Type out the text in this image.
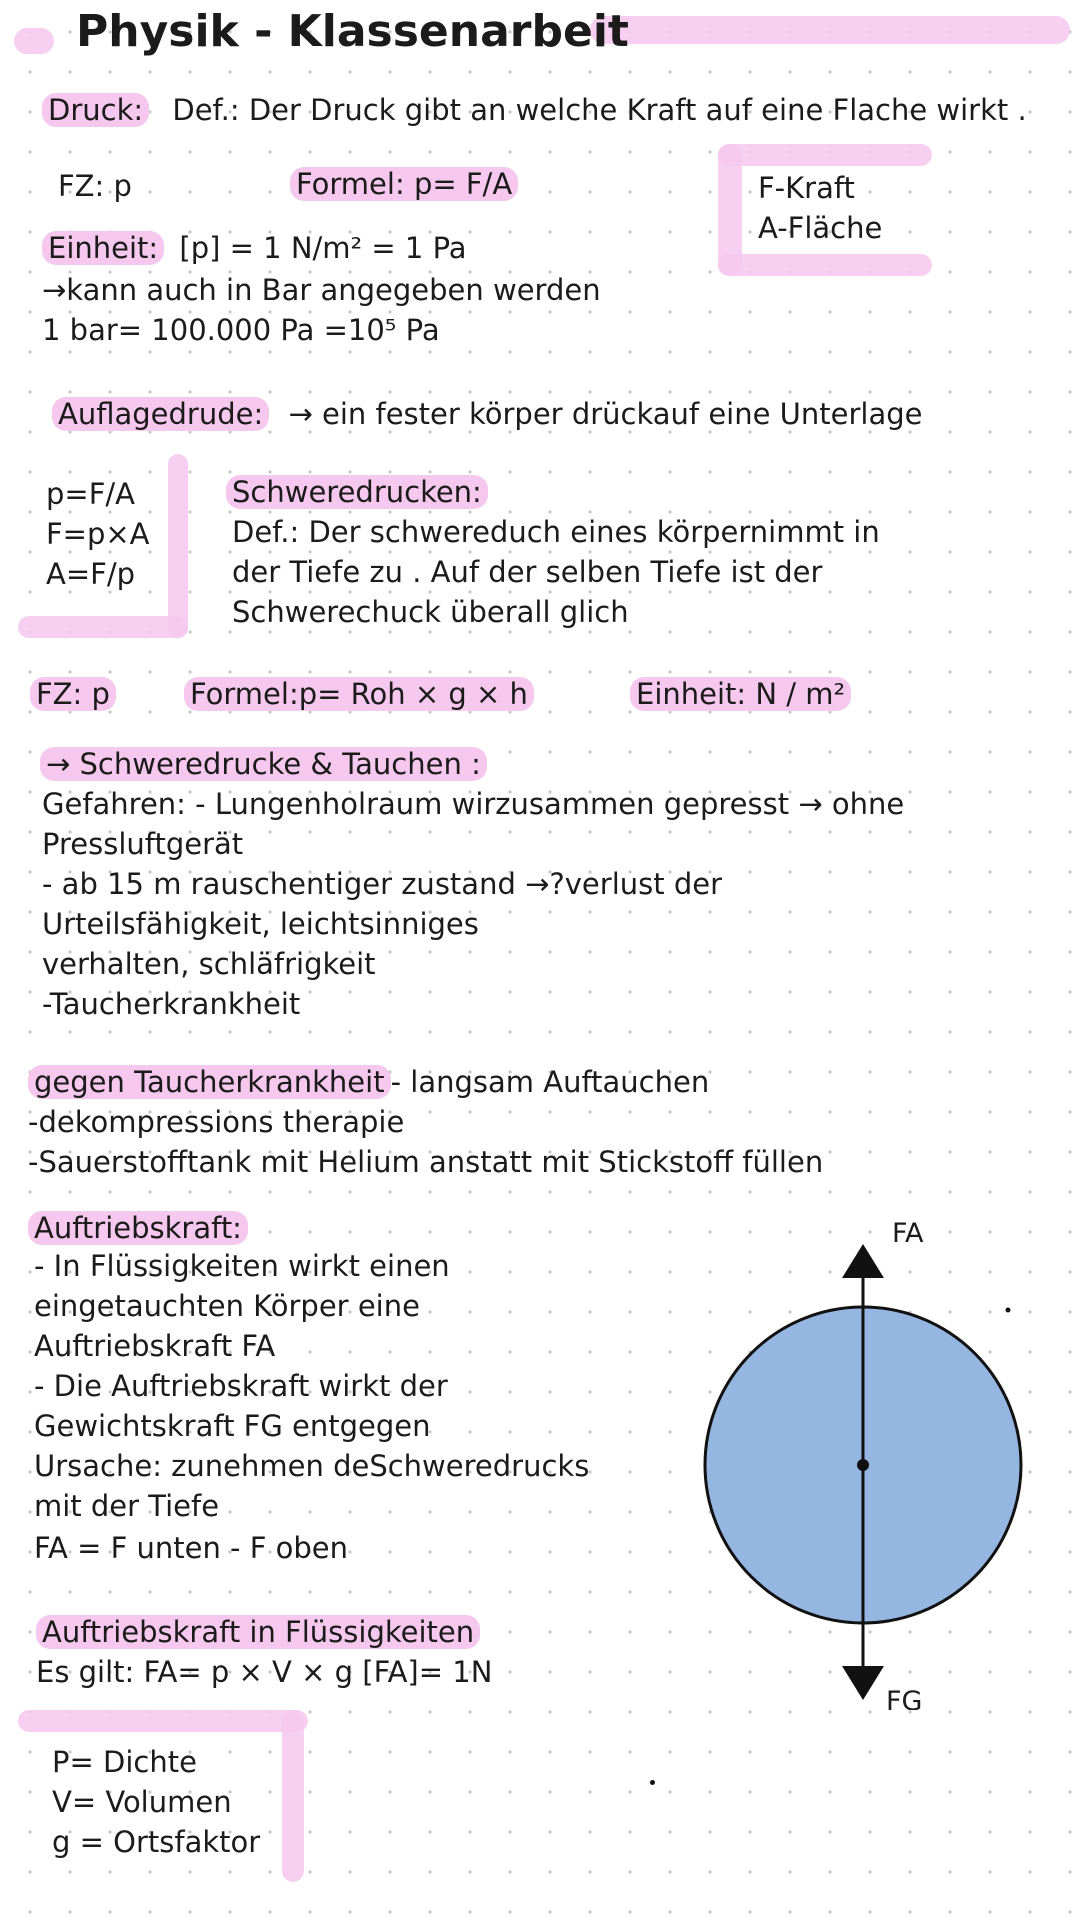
Physik - Klassenarbeit
Druck: Def.: Der Druck gibt an welche Kraft auf eine Flache wirkt .
FZ: p	Formel: p= F/A	F-Kraft
A-Fläche
Einheit: [p] = 1 N/m² = 1 Pa
→kann auch in Bar angegeben werden
1 bar= 100.000 Pa =10⁵ Pa
Auflagedrude: → ein fester körper drückauf eine Unterlage
p=F/A
F=p×A
A=F/p
Schweredrucken:
Def.: Der schwereduch eines körpernimmt in
der Tiefe zu . Auf der selben Tiefe ist der
Schwerechuck überall glich
FZ: p	Formel:p= Roh × g × h	Einheit: N / m²
→ Schweredrucke & Tauchen :
Gefahren: - Lungenholraum wirzusammen gepresst → ohne
Pressluftgerät
- ab 15 m rauschentiger zustand →?verlust der
Urteilsfähigkeit, leichtsinniges
verhalten, schläfrigkeit
-Taucherkrankheit
gegen Taucherkrankheit - langsam Auftauchen
-dekompressions therapie
-Sauerstofftank mit Helium anstatt mit Stickstoff füllen
Auftriebskraft:
- In Flüssigkeiten wirkt einen
eingetauchten Körper eine
Auftriebskraft FA
- Die Auftriebskraft wirkt der
Gewichtskraft FG entgegen
Ursache: zunehmen deSchweredrucks
mit der Tiefe
FA = F unten - F oben
FA
FG
Auftriebskraft in Flüssigkeiten
Es gilt: FA= p × V × g [FA]= 1N
P= Dichte
V= Volumen
g = Ortsfaktor
